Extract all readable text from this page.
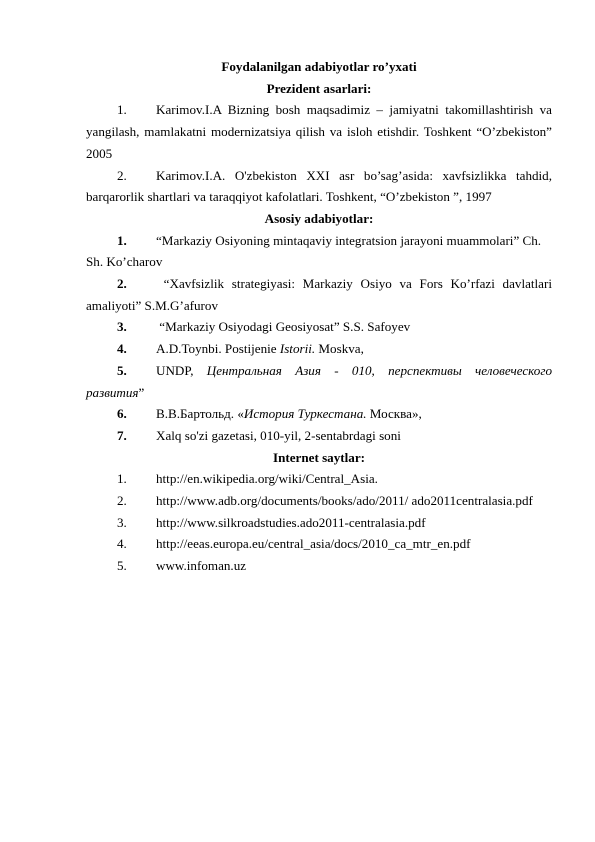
Foydalanilgan adabiyotlar ro’yxati
Prezident asarlari:
1. Karimov.I.A Bizning bosh maqsadimiz – jamiyatni takomillashtirish va yangilash, mamlakatni modernizatsiya qilish va isloh etishdir. Toshkent “O’zbekiston” 2005
2. Karimov.I.A. O'zbekiston XXI asr bo’sag’asida: xavfsizlikka tahdid, barqarorlik shartlari va taraqqiyot kafolatlari. Toshkent, “O’zbekiston ”, 1997
Asosiy adabiyotlar:
1. “Markaziy Osiyoning mintaqaviy integratsion jarayoni muammolari” Ch. Sh. Ko’charov
2. “Xavfsizlik strategiyasi: Markaziy Osiyo va Fors Ko’rfazi davlatlari amaliyoti” S.M.G’afurov
3. “Markaziy Osiyodagi Geosiyosat” S.S. Safoyev
4. A.D.Toynbi. Postijenie Istorii. Moskva,
5. UNDP, Центральная Азия - 010, перспективы человеческого развития”
6. В.В.Бартольд. «История Туркестана. Москва»,
7. Xalq so'zi gazetasi, 010-yil, 2-sentabrdagi soni
Internet saytlar:
1. http://en.wikipedia.org/wiki/Central_Asia.
2. http://www.adb.org/documents/books/ado/2011/ ado2011centralasia.pdf
3. http://www.silkroadstudies.ado2011-centralasia.pdf
4. http://eeas.europa.eu/central_asia/docs/2010_ca_mtr_en.pdf
5. www.infoman.uz
